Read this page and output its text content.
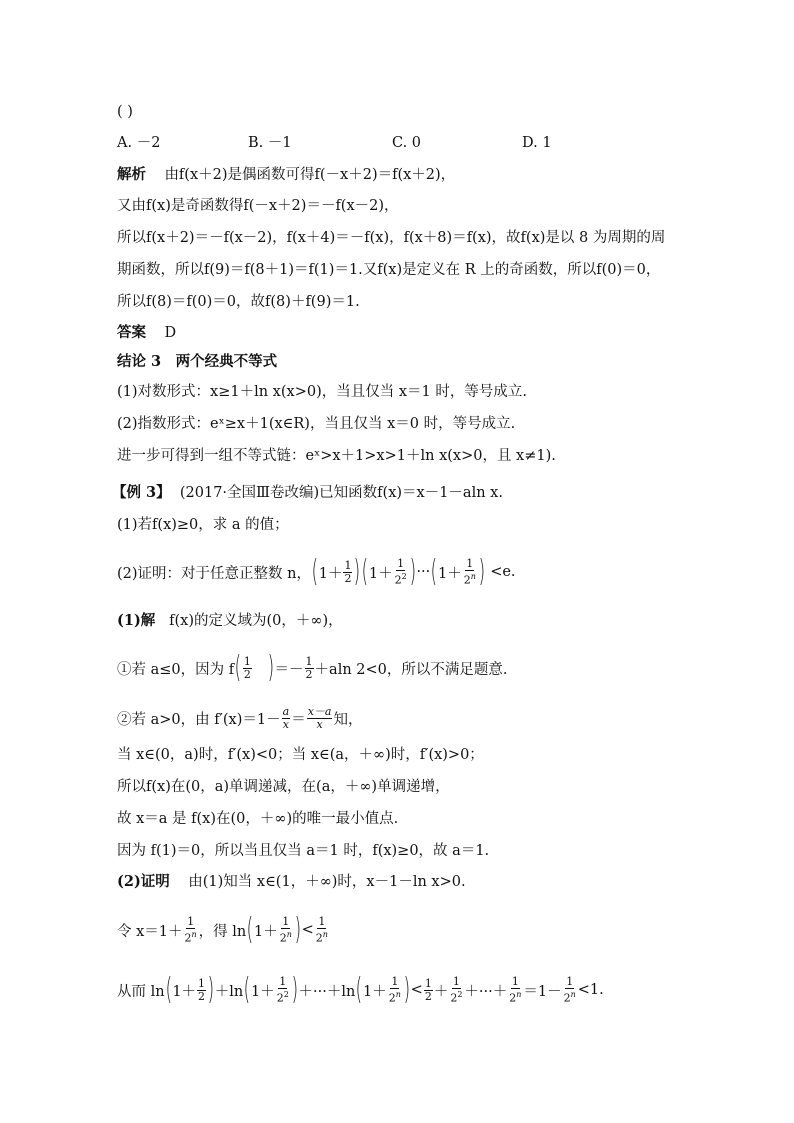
( )
A. －2	B. －1	C. 0	D. 1
解析 由f(x＋2)是偶函数可得f(－x＋2)＝f(x＋2)，
又由f(x)是奇函数得f(－x＋2)＝－f(x－2)，
所以f(x＋2)＝－f(x－2)，f(x＋4)＝－f(x)，f(x＋8)＝f(x)，故f(x)是以 8 为周期的周
期函数，所以f(9)＝f(8＋1)＝f(1)＝1.又f(x)是定义在 R 上的奇函数，所以f(0)＝0，
所以f(8)＝f(0)＝0，故f(8)＋f(9)＝1.
答案 D
结论 3　两个经典不等式
(1)对数形式：x≥1＋ln x(x>0)，当且仅当 x＝1 时，等号成立.
(2)指数形式：eˣ≥x＋1(x∈R)，当且仅当 x＝0 时，等号成立.
进一步可得到一组不等式链：eˣ>x＋1>x>1＋ln x(x>0，且 x≠1).
【例 3】 (2017·全国Ⅲ卷改编)已知函数f(x)＝x－1－aln x.
(1)若f(x)≥0，求 a 的值；
(2)证明：对于任意正整数 n， ( $1+ \frac{1}{2}$ ) ( $1+ \frac{1}{2^2}$ ) ··· ( $1+ \frac{1}{2^n}$ )
<e.
(1)解 f(x)的定义域为(0，＋∞)，
①若 a≤0，因为 f ( $\frac{1}{2}$ ) ＝－ $\frac{1}{2} +aln$ 2<0，所以不满足题意.
②若 a>0，由 $f'(x)=1- \frac{a}{x} = \frac{x-a}{x}$ 知，
当 x∈(0，a)时，f′(x)<0；当 x∈(a，＋∞)时，f′(x)>0；
所以f(x)在(0，a)单调递减，在(a，＋∞)单调递增，
故 x＝a 是 f(x)在(0，＋∞)的唯一最小值点.
因为 f(1)＝0，所以当且仅当 a＝1 时，f(x)≥0，故 a＝1.
(2)证明 由(1)知当 x∈(1，＋∞)时，x－1－ln x>0.
令 $x=1+ \frac{1}{2^n}$ ，得 ln ( $1+ \frac{1}{2^n}$ ) < $\frac{1}{2^n}$
从而 ln ( $1+ \frac{1}{2}$ ) ＋ln ( $1+ \frac{1}{2^2}$ ) ＋···＋ln ( $1+ \frac{1}{2^n}$ ) < $\frac{1}{2} + \frac{1}{2^2}$ ＋···＋ $\frac{1}{2^n} =1- \frac{1}{2^n} <1$.
